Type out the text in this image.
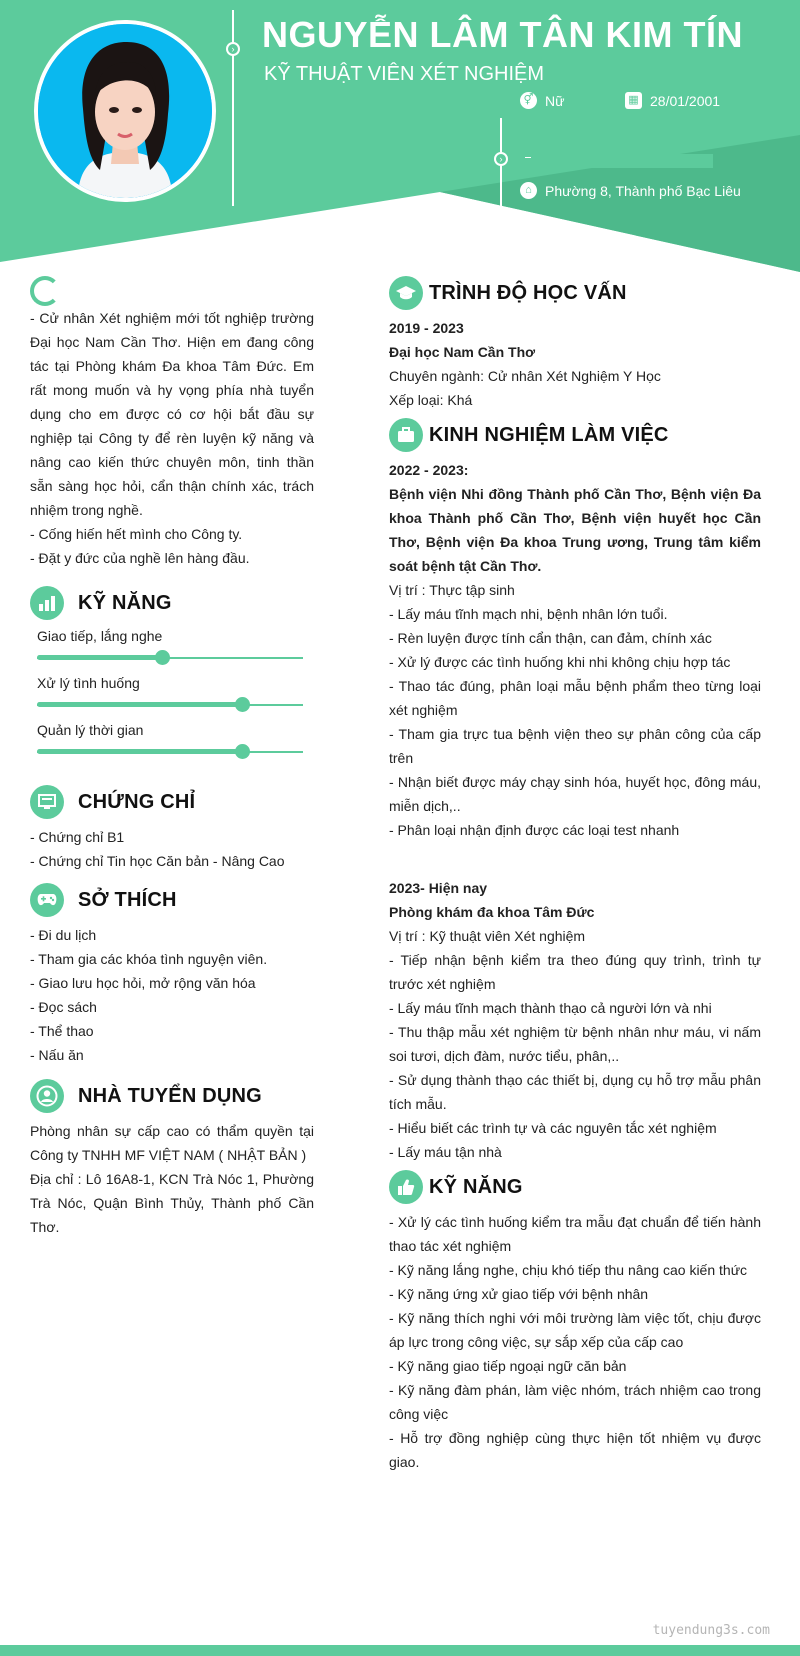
› NGUYỄN LÂM TÂN KIM TÍN
KỸ THUẬT VIÊN XÉT NGHIỆM
⚥ Nữ	▦ 28/01/2001
›
⌂ Phường 8, Thành phố Bạc Liêu
- Cử nhân Xét nghiệm mới tốt nghiệp trường Đại học Nam Cần Thơ. Hiện em đang công tác tại Phòng khám Đa khoa Tâm Đức. Em rất mong muốn và hy vọng phía nhà tuyển dụng cho em được có cơ hội bắt đầu sự nghiệp tại Công ty để rèn luyện kỹ năng và nâng cao kiến thức chuyên môn, tinh thần sẵn sàng học hỏi, cẩn thận chính xác, trách nhiệm trong nghề.
- Cống hiến hết mình cho Công ty.
- Đặt y đức của nghề lên hàng đầu.
KỸ NĂNG
Giao tiếp, lắng nghe
Xử lý tình huống
Quản lý thời gian
CHỨNG CHỈ
- Chứng chỉ B1
- Chứng chỉ Tin học Căn bản - Nâng Cao
SỞ THÍCH
- Đi du lịch
- Tham gia các khóa tình nguyện viên.
- Giao lưu học hỏi, mở rộng văn hóa
- Đọc sách
- Thể thao
- Nấu ăn
NHÀ TUYỂN DỤNG
Phòng nhân sự cấp cao có thẩm quyền tại Công ty TNHH MF VIỆT NAM ( NHẬT BẢN )
Địa chỉ : Lô 16A8-1, KCN Trà Nóc 1, Phường Trà Nóc, Quận Bình Thủy, Thành phố Cần Thơ.
TRÌNH ĐỘ HỌC VẤN
2019 - 2023
Đại học Nam Cần Thơ
Chuyên ngành: Cử nhân Xét Nghiệm Y Học
Xếp loại: Khá
KINH NGHIỆM LÀM VIỆC
2022 - 2023:
Bệnh viện Nhi đồng Thành phố Cần Thơ, Bệnh viện Đa khoa Thành phố Cần Thơ, Bệnh viện huyết học Cần Thơ, Bệnh viện Đa khoa Trung ương, Trung tâm kiểm soát bệnh tật Cần Thơ.
Vị trí : Thực tập sinh
- Lấy máu tĩnh mạch nhi, bệnh nhân lớn tuổi.
- Rèn luyện được tính cẩn thận, can đảm, chính xác
- Xử lý được các tình huống khi nhi không chịu hợp tác
- Thao tác đúng, phân loại mẫu bệnh phẩm theo từng loại xét nghiệm
- Tham gia trực tua bệnh viện theo sự phân công của cấp trên
- Nhận biết được máy chạy sinh hóa, huyết học, đông máu, miễn dịch,..
- Phân loại nhận định được các loại test nhanh
2023- Hiện nay
Phòng khám đa khoa Tâm Đức
Vị trí : Kỹ thuật viên Xét nghiệm
- Tiếp nhận bệnh kiểm tra theo đúng quy trình, trình tự trước xét nghiệm
- Lấy máu tĩnh mạch thành thạo cả người lớn và nhi
- Thu thập mẫu xét nghiệm từ bệnh nhân như máu, vi nấm soi tươi, dịch đàm, nước tiểu, phân,..
- Sử dụng thành thạo các thiết bị, dụng cụ hỗ trợ mẫu phân tích mẫu.
- Hiểu biết các trình tự và các nguyên tắc xét nghiệm
- Lấy máu tận nhà
KỸ NĂNG
- Xử lý các tình huống kiểm tra mẫu đạt chuẩn để tiến hành thao tác xét nghiệm
- Kỹ năng lắng nghe, chịu khó tiếp thu nâng cao kiến thức
- Kỹ năng ứng xử giao tiếp với bệnh nhân
- Kỹ năng thích nghi với môi trường làm việc tốt, chịu được áp lực trong công việc, sự sắp xếp của cấp cao
- Kỹ năng giao tiếp ngoại ngữ căn bản
- Kỹ năng đàm phán, làm việc nhóm, trách nhiệm cao trong công việc
- Hỗ trợ đồng nghiệp cùng thực hiện tốt nhiệm vụ được giao.
tuyendung3s.com
